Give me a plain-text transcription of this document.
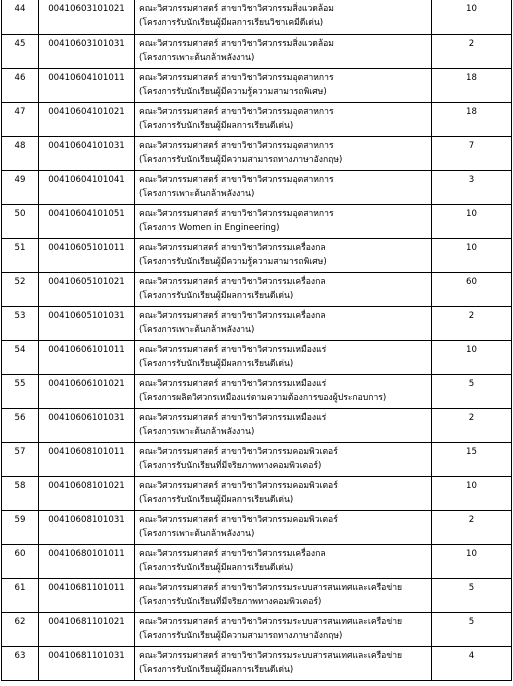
44	00410603101021	คณะวิศวกรรมศาสตร์ สาขาวิชาวิศวกรรมสิ่งแวดล้อม
(โครงการรับนักเรียนผู้มีผลการเรียนวิชาเคมีดีเด่น)	10
45	00410603101031	คณะวิศวกรรมศาสตร์ สาขาวิชาวิศวกรรมสิ่งแวดล้อม
(โครงการเพาะต้นกล้าพลังงาน)	2
46	00410604101011	คณะวิศวกรรมศาสตร์ สาขาวิชาวิศวกรรมอุตสาหการ
(โครงการรับนักเรียนผู้มีความรู้ความสามารถพิเศษ)	18
47	00410604101021	คณะวิศวกรรมศาสตร์ สาขาวิชาวิศวกรรมอุตสาหการ
(โครงการรับนักเรียนผู้มีผลการเรียนดีเด่น)	18
48	00410604101031	คณะวิศวกรรมศาสตร์ สาขาวิชาวิศวกรรมอุตสาหการ
(โครงการรับนักเรียนผู้มีความสามารถทางภาษาอังกฤษ)	7
49	00410604101041	คณะวิศวกรรมศาสตร์ สาขาวิชาวิศวกรรมอุตสาหการ
(โครงการเพาะต้นกล้าพลังงาน)	3
50	00410604101051	คณะวิศวกรรมศาสตร์ สาขาวิชาวิศวกรรมอุตสาหการ
(โครงการ Women in Engineering)	10
51	00410605101011	คณะวิศวกรรมศาสตร์ สาขาวิชาวิศวกรรมเครื่องกล
(โครงการรับนักเรียนผู้มีความรู้ความสามารถพิเศษ)	10
52	00410605101021	คณะวิศวกรรมศาสตร์ สาขาวิชาวิศวกรรมเครื่องกล
(โครงการรับนักเรียนผู้มีผลการเรียนดีเด่น)	60
53	00410605101031	คณะวิศวกรรมศาสตร์ สาขาวิชาวิศวกรรมเครื่องกล
(โครงการเพาะต้นกล้าพลังงาน)	2
54	00410606101011	คณะวิศวกรรมศาสตร์ สาขาวิชาวิศวกรรมเหมืองแร่
(โครงการรับนักเรียนผู้มีผลการเรียนดีเด่น)	10
55	00410606101021	คณะวิศวกรรมศาสตร์ สาขาวิชาวิศวกรรมเหมืองแร่
(โครงการผลิตวิศวกรเหมืองแร่ตามความต้องการของผู้ประกอบการ)	5
56	00410606101031	คณะวิศวกรรมศาสตร์ สาขาวิชาวิศวกรรมเหมืองแร่
(โครงการเพาะต้นกล้าพลังงาน)	2
57	00410608101011	คณะวิศวกรรมศาสตร์ สาขาวิชาวิศวกรรมคอมพิวเตอร์
(โครงการรับนักเรียนที่มีจริยภาพทางคอมพิวเตอร์)	15
58	00410608101021	คณะวิศวกรรมศาสตร์ สาขาวิชาวิศวกรรมคอมพิวเตอร์
(โครงการรับนักเรียนผู้มีผลการเรียนดีเด่น)	10
59	00410608101031	คณะวิศวกรรมศาสตร์ สาขาวิชาวิศวกรรมคอมพิวเตอร์
(โครงการเพาะต้นกล้าพลังงาน)	2
60	00410680101011	คณะวิศวกรรมศาสตร์ สาขาวิชาวิศวกรรมเครื่องกล
(โครงการรับนักเรียนผู้มีผลการเรียนดีเด่น)	10
61	00410681101011	คณะวิศวกรรมศาสตร์ สาขาวิชาวิศวกรรมระบบสารสนเทศและเครือข่าย
(โครงการรับนักเรียนที่มีจริยภาพทางคอมพิวเตอร์)	5
62	00410681101021	คณะวิศวกรรมศาสตร์ สาขาวิชาวิศวกรรมระบบสารสนเทศและเครือข่าย
(โครงการรับนักเรียนผู้มีความสามารถทางภาษาอังกฤษ)	5
63	00410681101031	คณะวิศวกรรมศาสตร์ สาขาวิชาวิศวกรรมระบบสารสนเทศและเครือข่าย
(โครงการรับนักเรียนผู้มีผลการเรียนดีเด่น)	4
